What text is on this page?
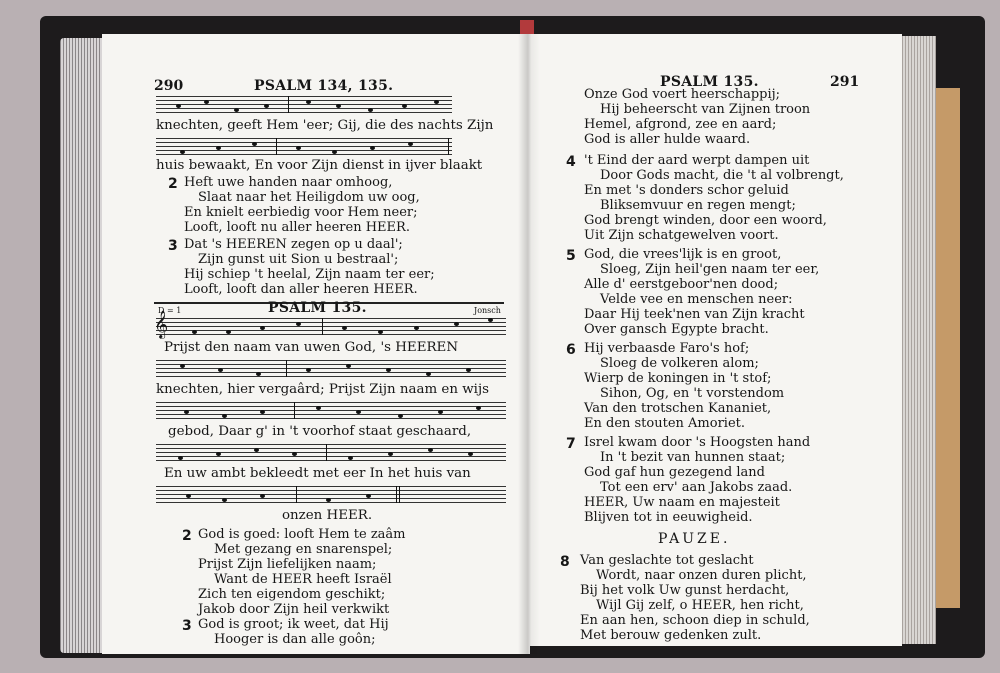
290	PSALM 134, 135.
knechten, geeft Hem 'eer; Gij, die des nachts Zijn
huis bewaakt, En voor Zijn dienst in ijver blaakt
2 Heft uwe handen naar omhoog,
Slaat naar het Heiligdom uw oog,
En knielt eerbiedig voor Hem neer;
Looft, looft nu aller heeren HEER.
3 Dat 's HEEREN zegen op u daal';
Zijn gunst uit Sion u bestraal';
Hij schiep 't heelal, Zijn naam ter eer;
Looft, looft dan aller heeren HEER.
D = 1	PSALM 135.	Jonsch
𝄞
Prijst den naam van uwen God, 's HEEREN
knechten, hier vergaârd; Prijst Zijn naam en wijs
gebod, Daar g' in 't voorhof staat geschaard,
En uw ambt bekleedt met eer In het huis van
onzen HEER.
2 God is goed: looft Hem te zaâm
Met gezang en snarenspel;
Prijst Zijn liefelijken naam;
Want de HEER heeft Israël
Zich ten eigendom geschikt;
Jakob door Zijn heil verkwikt
3 God is groot; ik weet, dat Hij
Hooger is dan alle goôn;
PSALM 135.	291
Onze God voert heerschappij;
Hij beheerscht van Zijnen troon
Hemel, afgrond, zee en aard;
God is aller hulde waard.
4 't Eind der aard werpt dampen uit
Door Gods macht, die 't al volbrengt,
En met 's donders schor geluid
Bliksemvuur en regen mengt;
God brengt winden, door een woord,
Uit Zijn schatgewelven voort.
5 God, die vrees'lijk is en groot,
Sloeg, Zijn heil'gen naam ter eer,
Alle d' eerstgeboor'nen dood;
Velde vee en menschen neer:
Daar Hij teek'nen van Zijn kracht
Over gansch Egypte bracht.
6 Hij verbaasde Faro's hof;
Sloeg de volkeren alom;
Wierp de koningen in 't stof;
Sihon, Og, en 't vorstendom
Van den trotschen Kananiet,
En den stouten Amoriet.
7 Isrel kwam door 's Hoogsten hand
In 't bezit van hunnen staat;
God gaf hun gezegend land
Tot een erv' aan Jakobs zaad.
HEER, Uw naam en majesteit
Blijven tot in eeuwigheid.
PAUZE.
8 Van geslachte tot geslacht
Wordt, naar onzen duren plicht,
Bij het volk Uw gunst herdacht,
Wijl Gij zelf, o HEER, hen richt,
En aan hen, schoon diep in schuld,
Met berouw gedenken zult.
